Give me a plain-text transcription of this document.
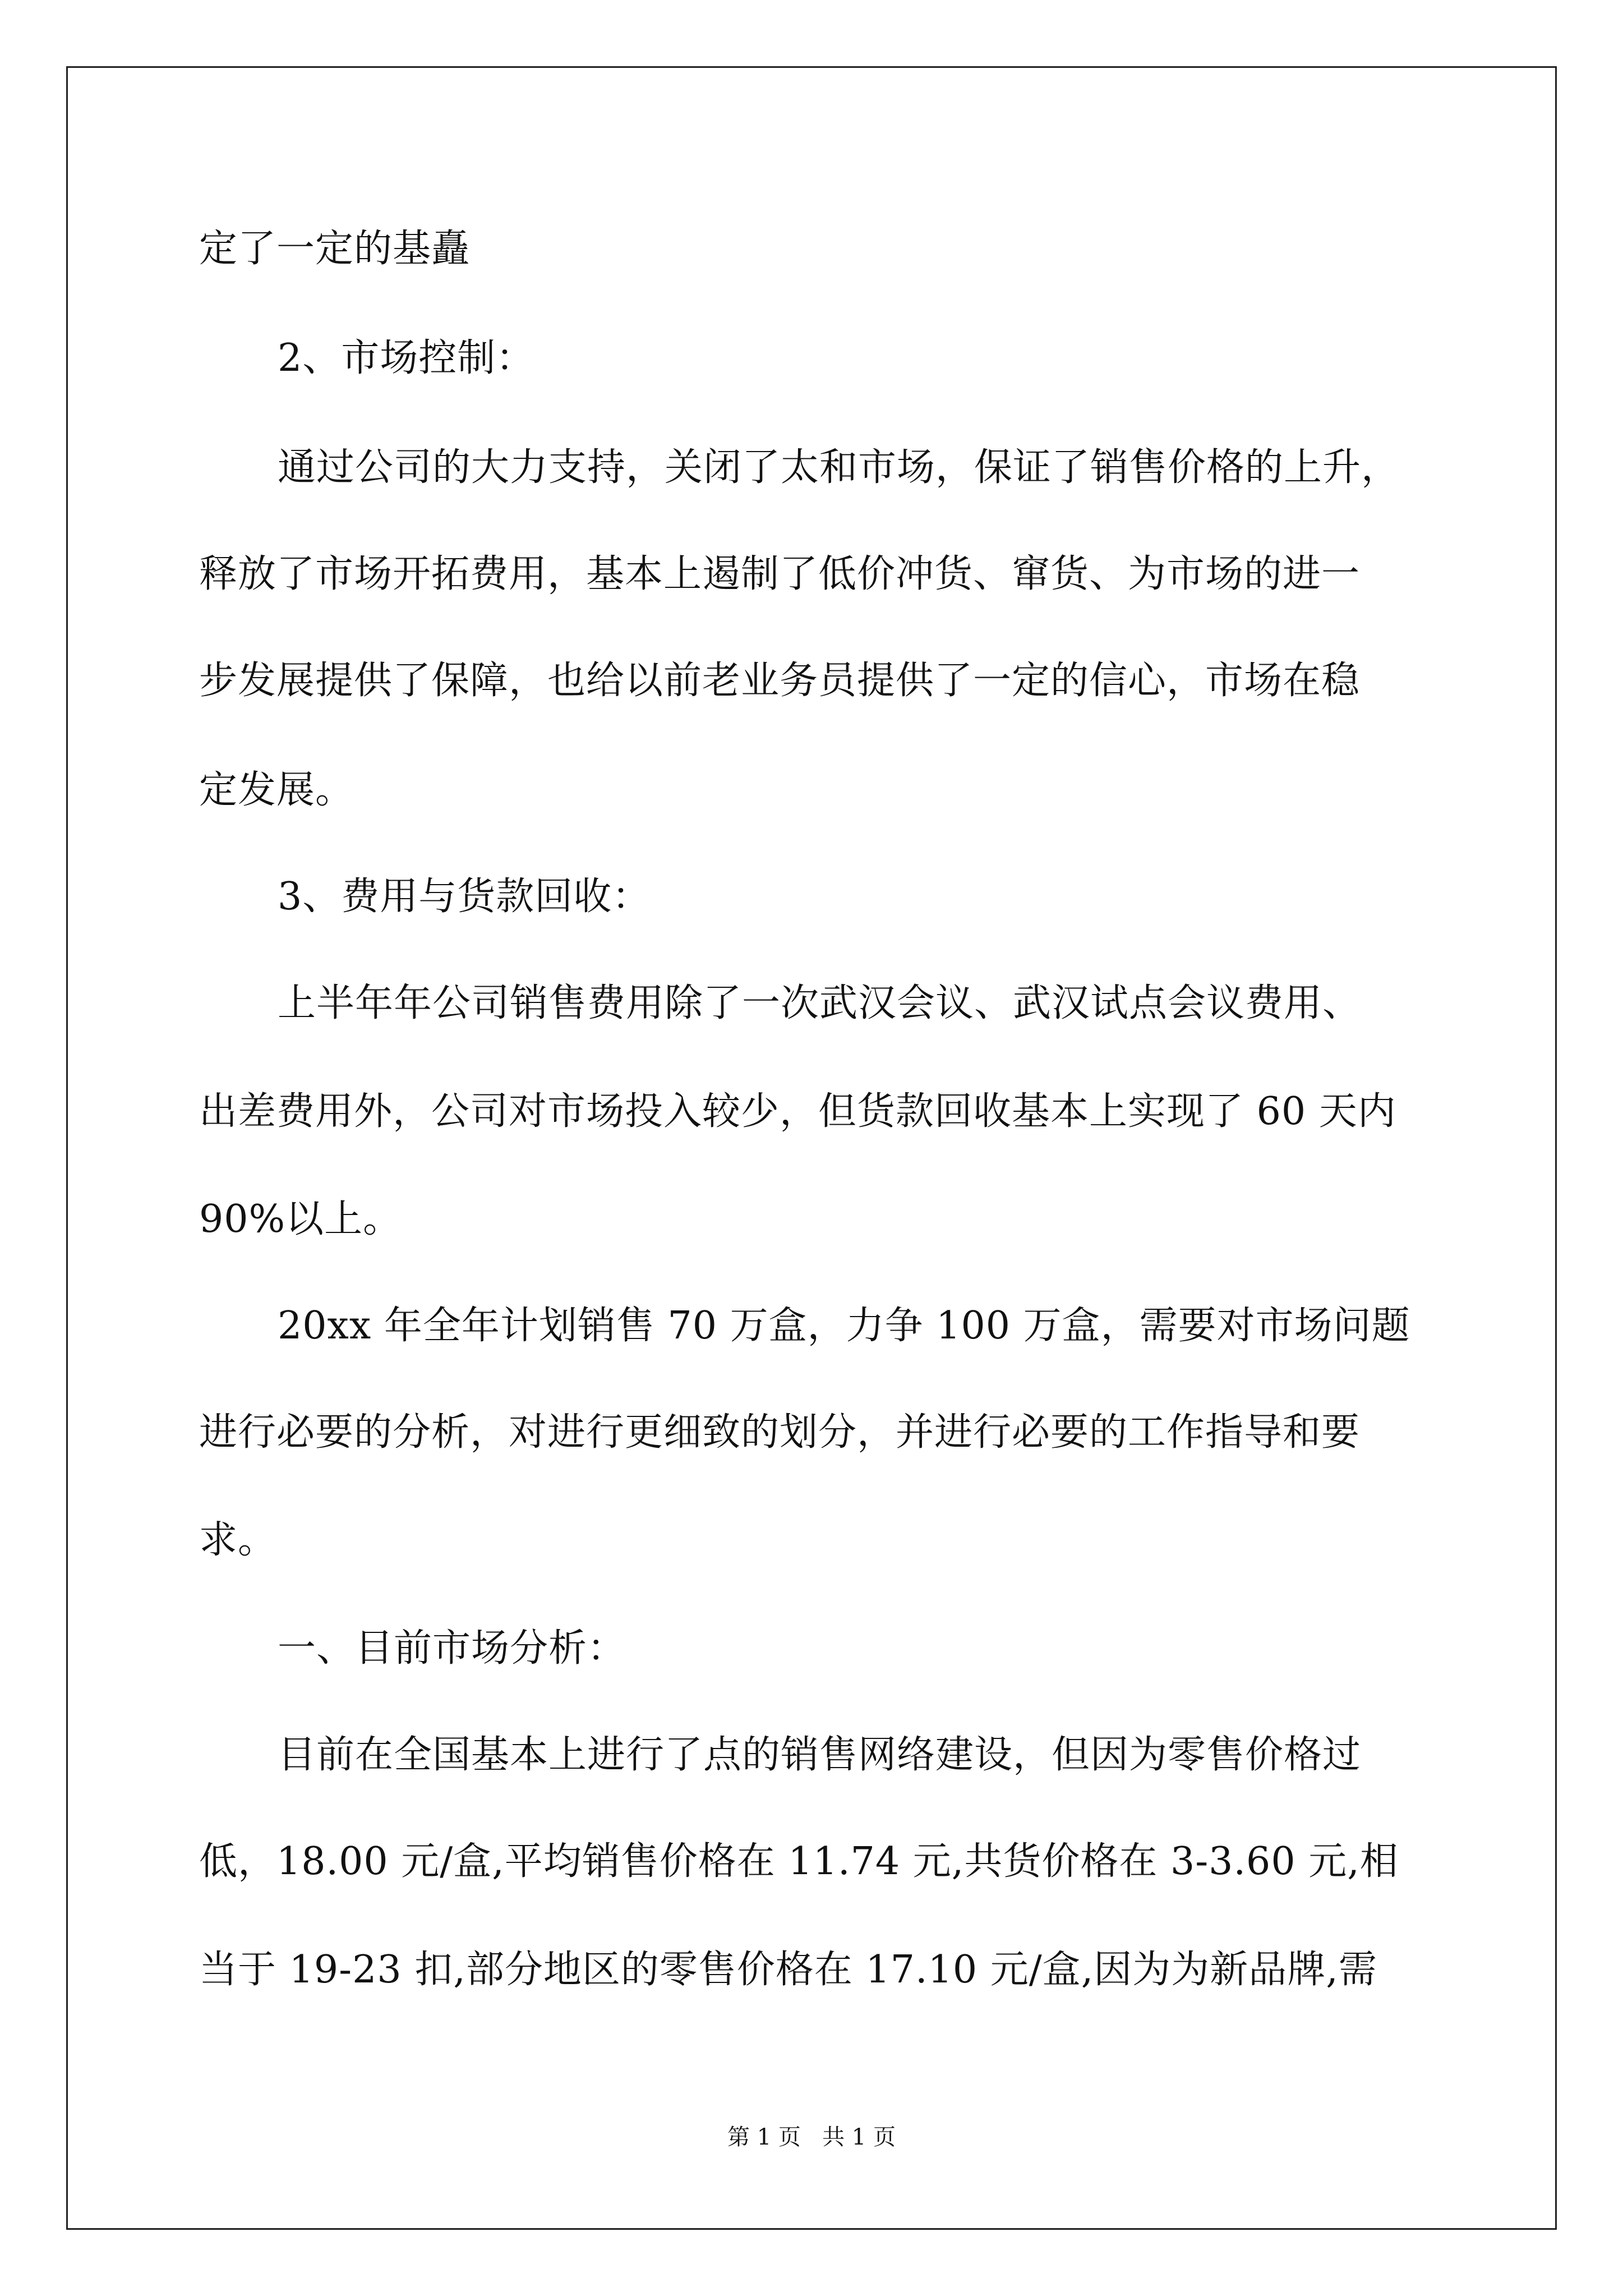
定了一定的基矗

2、市场控制：

通过公司的大力支持，关闭了太和市场，保证了销售价格的上升，

释放了市场开拓费用，基本上遏制了低价冲货、窜货、为市场的进一

步发展提供了保障，也给以前老业务员提供了一定的信心，市场在稳

定发展。

3、费用与货款回收：

上半年年公司销售费用除了一次武汉会议、武汉试点会议费用、

出差费用外，公司对市场投入较少，但货款回收基本上实现了 60 天内

90%以上。

20xx 年全年计划销售 70 万盒，力争 100 万盒，需要对市场问题

进行必要的分析，对进行更细致的划分，并进行必要的工作指导和要

求。

一、目前市场分析：

目前在全国基本上进行了点的销售网络建设，但因为零售价格过

低，18.00 元/盒,平均销售价格在 11.74 元,共货价格在 3-3.60 元,相

当于 19-23 扣,部分地区的零售价格在 17.10 元/盒,因为为新品牌,需

第 1 页   共 1 页
